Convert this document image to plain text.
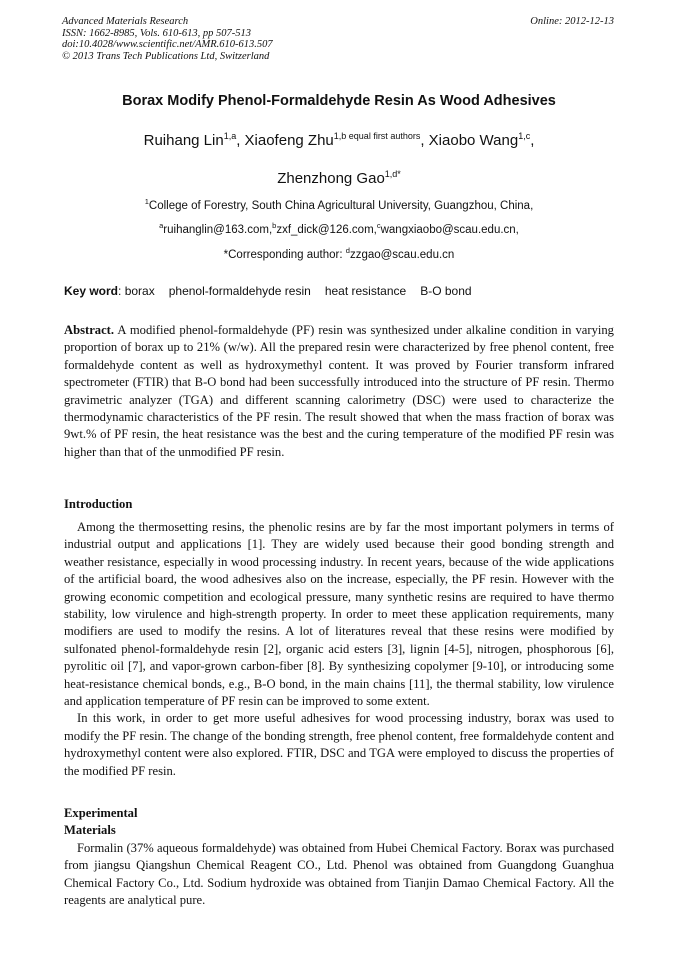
Advanced Materials Research
ISSN: 1662-8985, Vols. 610-613, pp 507-513
doi:10.4028/www.scientific.net/AMR.610-613.507
© 2013 Trans Tech Publications Ltd, Switzerland
Online: 2012-12-13
Borax Modify Phenol-Formaldehyde Resin As Wood Adhesives
Ruihang Lin$^{1,a}$, Xiaofeng Zhu$^{1,b equal first authors}$, Xiaobo Wang$^{1,c}$,
Zhenzhong Gao$^{1,d*}$
$^1$College of Forestry, South China Agricultural University, Guangzhou, China,
$^a$ruihanglin@163.com,$^b$zxf_dick@126.com,$^c$wangxiaobo@scau.edu.cn,
*Corresponding author: $^d$zzgao@scau.edu.cn
Key word: borax phenol-formaldehyde resin heat resistance B-O bond

Abstract. A modified phenol-formaldehyde (PF) resin was synthesized under alkaline condition in varying proportion of borax up to 21% (w/w). All the prepared resin were characterized by free phenol content, free formaldehyde content as well as hydroxymethyl content. It was proved by Fourier transform infrared spectrometer (FTIR) that B-O bond had been successfully introduced into the structure of PF resin. Thermo gravimetric analyzer (TGA) and different scanning calorimetry (DSC) were used to characterize the thermodynamic characteristics of the PF resin. The result showed that when the mass fraction of borax was 9wt.% of PF resin, the heat resistance was the best and the curing temperature of the modified PF resin was higher than that of the unmodified PF resin.

Introduction

Among the thermosetting resins, the phenolic resins are by far the most important polymers in terms of industrial output and applications [1]. They are widely used because their good bonding strength and weather resistance, especially in wood processing industry. In recent years, because of the wide applications of the artificial board, the wood adhesives also on the increase, especially, the PF resin. However with the growing economic competition and ecological pressure, many synthetic resins are required to have thermo stability, low virulence and high-strength property. In order to meet these application requirements, many modifiers are used to modify the resins. A lot of literatures reveal that these resins were modified by sulfonated phenol-formaldehyde resin [2], organic acid esters [3], lignin [4-5], nitrogen, phosphorous [6], pyrolitic oil [7], and vapor-grown carbon-fiber [8]. By synthesizing copolymer [9-10], or introducing some heat-resistance chemical bonds, e.g., B-O bond, in the main chains [11], the thermal stability, low virulence and application temperature of PF resin can be improved to some extent.

In this work, in order to get more useful adhesives for wood processing industry, borax was used to modify the PF resin. The change of the bonding strength, free phenol content, free formaldehyde content and hydroxymethyl content were also explored. FTIR, DSC and TGA were employed to discuss the properties of the modified PF resin.

Experimental
Materials

Formalin (37% aqueous formaldehyde) was obtained from Hubei Chemical Factory. Borax was purchased from jiangsu Qiangshun Chemical Reagent CO., Ltd. Phenol was obtained from Guangdong Guanghua Chemical Factory Co., Ltd. Sodium hydroxide was obtained from Tianjin Damao Chemical Factory. All the reagents are analytical pure.
